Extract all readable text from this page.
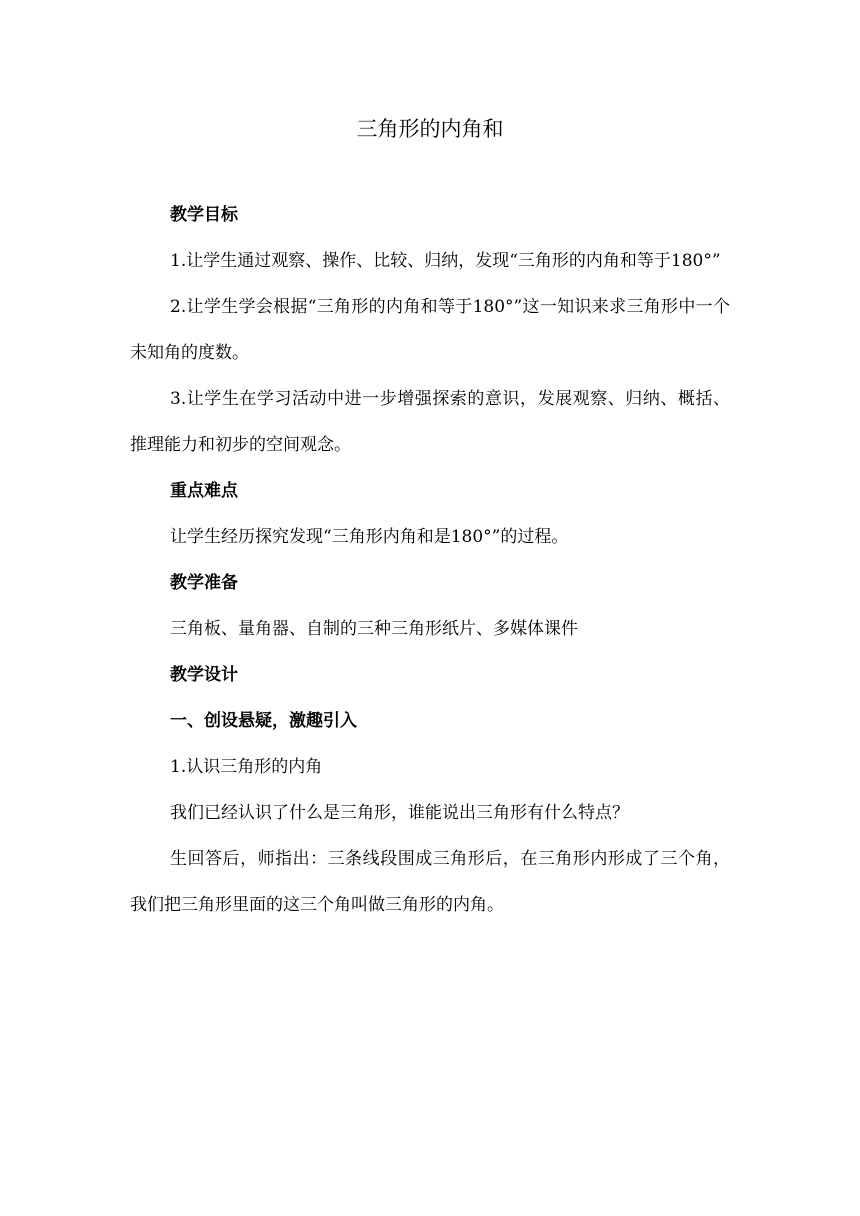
三角形的内角和
教学目标
1.让学生通过观察、操作、比较、归纳，发现“三角形的内角和等于180°”
2.让学生学会根据“三角形的内角和等于180°”这一知识来求三角形中一个未知角的度数。
3.让学生在学习活动中进一步增强探索的意识，发展观察、归纳、概括、推理能力和初步的空间观念。
重点难点
让学生经历探究发现“三角形内角和是180°”的过程。
教学准备
三角板、量角器、自制的三种三角形纸片、多媒体课件
教学设计
一、创设悬疑，激趣引入
1.认识三角形的内角
我们已经认识了什么是三角形，谁能说出三角形有什么特点？
生回答后，师指出：三条线段围成三角形后，在三角形内形成了三个角，我们把三角形里面的这三个角叫做三角形的内角。
